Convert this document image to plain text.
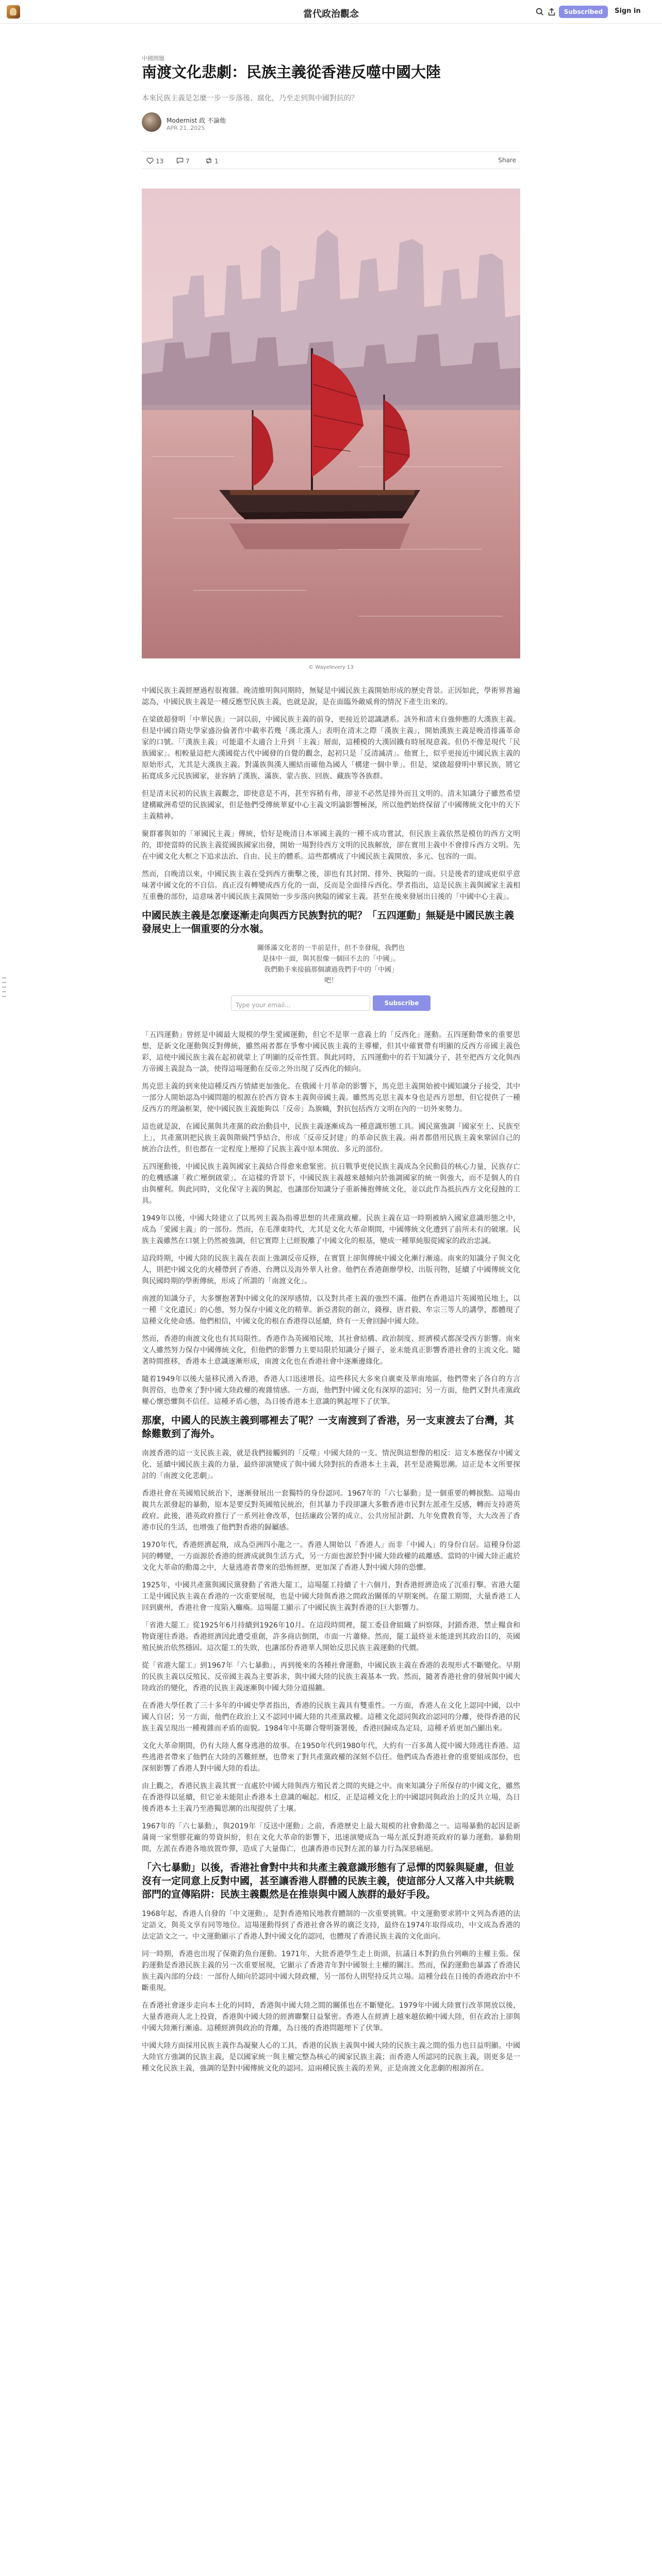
當代政治觀念	Subscribed	Sign in
中國問題
南渡文化悲劇：民族主義從香港反噬中國大陸
本來民族主義是怎麼一步一步落後、腐化，乃至走到與中國對抗的？
Modernist 政 不論他
APR 21, 2025
13	7	1	Share
© Wayelevery 13
中國民族主義經歷過程很複雜。晚清維明與同期時，無疑是中國民族主義開始形成的歷史背景。正因如此，學術界普遍認為，中國民族主義是一種反應型民族主義，也就是說，是在面臨外敵威脅的情況下產生出來的。
在梁啟超發明「中華民族」一詞以前，中國民族主義的前身，更接近於認識譜系。該外和清末自強伸應的大漢族主義。但是中國自隋史學家盛汾倫著作中載率若幾「漢北漢人」表明在清末之際「漢族主義」，開始漢族主義是晚清排滿革命家的口號。「「漢族主義」可能還不太適合上升到「主義」層面，這種模的大漢固鐵有時展現意義。但仍不像是現代「民族國家」。相較量這把大漢國從古代中國發的自覺的觀念，起初只是「反清滅淸」。他實上，似乎更接近中國民族主義的原始形式，尤其是大漢族主義。對滿族與漢人團結而確他為國人「構建一個中華」。但是，梁啟超發明中華民族，將它拓寬成多元民族國家，並容納了漢族、滿族、蒙古族、回族、藏族等各族群。
但是清末民初的民族主義觀念，即使意是不再，甚至容稍有弗，卻並不必然是排外而且文明的。清末知識分子雖然希望建構歐洲希望的民族國家，但是他們受傳統華夏中心主義文明論影響極深，所以他們始終保留了中國傳統文化中的天下主義精神。
聚群審與如的「軍國民主義」傳統，恰好是晚清日本軍國主義的一種不成功嘗試，但民族主義依然是模仿的西方文明的，即使當時的民族主義從國族國家出發，開始一場對待西方文明的民族解放，卻在實用主義中不會排斥西方文明。先在中國文化大框之下追求法治、自由、民主的體系。這些都構成了中國民族主義開放、多元、包容的一面。
然而，自晚清以來，中國民族主義在受到西方衝擊之後，卻也有其封閉、排外、狹隘的一面。只是後者的建成更似乎意味著中國文化的不自信。真正沒有轉變成西方化的一面，反而是全面排斥西化。學者指出，這是民族主義與國家主義相互重疊的部份，這意味著中國民族主義開始一步步落向狹隘的國家主義。甚至在後來發展出日後的「中國中心主義」。
中國民族主義是怎麼逐漸走向與西方民族對抗的呢？「五四運動」無疑是中國民族主義發展史上一個重要的分水嶺。
關係滿文化者的一半前是什，但不幸發現，我們也
是抹中一面，與其很像一個回不去的「中國」。
我們動手來接搞那個讀過我們手中的「中國」
吧！
Type your email...	Subscribe
「五四運動」曾經是中國最大規模的學生愛國運動，但它不是單一意義上的「反西化」運動。五四運動帶來的重要思想，是新文化運動與反對傳統，雖然兩者都在爭奪中國民族主義的主導權，但其中確實帶有明顯的反西方帝國主義色彩，這使中國民族主義在起初就蒙上了明顯的反帝性質。與此同時，五四運動中的若干知識分子，甚至把西方文化與西方帝國主義混為一談，使得這場運動在反帝之外出現了反西化的傾向。
馬克思主義的到來使這種反西方情緒更加強化。在俄國十月革命的影響下，馬克思主義開始被中國知識分子接受，其中一部分人開始認為中國問題的根源在於西方資本主義與帝國主義。雖然馬克思主義本身也是西方思想，但它提供了一種反西方的理論框架，使中國民族主義能夠以「反帝」為旗幟，對抗包括西方文明在內的一切外來勢力。
這也就是說，在國民黨與共產黨的政治動員中，民族主義逐漸成為一種意識形態工具。國民黨強調「國家至上、民族至上」，共產黨則把民族主義與階級鬥爭結合，形成「反帝反封建」的革命民族主義。兩者都借用民族主義來鞏固自己的統治合法性，但也都在一定程度上壓抑了民族主義中原本開放、多元的部份。
五四運動後，中國民族主義與國家主義結合得愈來愈緊密。抗日戰爭更使民族主義成為全民動員的核心力量，民族存亡的危機感讓「救亡壓倒啟蒙」。在這樣的背景下，中國民族主義越來越傾向於強調國家的統一與強大，而不是個人的自由與權利。與此同時，文化保守主義的興起，也讓部份知識分子重新擁抱傳統文化，並以此作為抵抗西方文化侵蝕的工具。
1949年以後，中國大陸建立了以馬列主義為指導思想的共產黨政權。民族主義在這一時期被納入國家意識形態之中，成為「愛國主義」的一部份。然而，在毛澤東時代，尤其是文化大革命期間，中國傳統文化遭到了前所未有的破壞。民族主義雖然在口號上仍然被強調，但它實際上已經脫離了中國文化的根基，變成一種單純服從國家的政治忠誠。
這段時期，中國大陸的民族主義在表面上強調反帝反修，在實質上卻與傳統中國文化漸行漸遠。南來的知識分子與文化人，則把中國文化的火種帶到了香港、台灣以及海外華人社會。他們在香港創辦學校、出版刊物，延續了中國傳統文化與民國時期的學術傳統，形成了所謂的「南渡文化」。
南渡的知識分子，大多懷抱著對中國文化的深厚感情，以及對共產主義的強烈不滿。他們在香港這片英國殖民地上，以一種「文化遺民」的心態，努力保存中國文化的精華。新亞書院的創立，錢穆、唐君毅、牟宗三等人的講學，都體現了這種文化使命感。他們相信，中國文化的根在香港得以延續，終有一天會回歸中國大陸。
然而，香港的南渡文化也有其局限性。香港作為英國殖民地，其社會結構、政治制度、經濟模式都深受西方影響。南來文人雖然努力保存中國傳統文化，但他們的影響力主要局限於知識分子圈子，並未能真正影響香港社會的主流文化。隨著時間推移，香港本土意識逐漸形成，南渡文化也在香港社會中逐漸邊緣化。
隨着1949年以後大量移民湧入香港，香港人口迅速增長。這些移民大多來自廣東及華南地區，他們帶來了各自的方言與習俗，也帶來了對中國大陸政權的複雜情感。一方面，他們對中國文化有深厚的認同；另一方面，他們又對共產黨政權心懷恐懼與不信任。這種矛盾心態，為日後香港本土意識的興起埋下了伏筆。
那麼，中國人的民族主義到哪裡去了呢？一支南渡到了香港，另一支東渡去了台灣，其餘難數到了海外。
南渡香港的這一支民族主義，就是我們接觸到的「反噬」中國大陸的一支。情況與這想像的相反：這支本應保存中國文化、延續中國民族主義的力量，最終卻演變成了與中國大陸對抗的香港本土主義，甚至是港獨思潮。這正是本文所要探討的「南渡文化悲劇」。
香港社會在英國殖民統治下，逐漸發展出一套獨特的身份認同。1967年的「六七暴動」是一個重要的轉捩點。這場由親共左派發起的暴動，原本是要反對英國殖民統治，但其暴力手段卻讓大多數香港市民對左派產生反感，轉而支持港英政府。此後，港英政府推行了一系列社會改革，包括廉政公署的成立、公共房屋計劃、九年免費教育等，大大改善了香港市民的生活，也增強了他們對香港的歸屬感。
1970年代，香港經濟起飛，成為亞洲四小龍之一。香港人開始以「香港人」而非「中國人」的身份自居。這種身份認同的轉變，一方面源於香港的經濟成就與生活方式，另一方面也源於對中國大陸政權的疏離感。當時的中國大陸正處於文化大革命的動蕩之中，大量逃港者帶來的恐怖經歷，更加深了香港人對中國大陸的恐懼。
1925年，中國共產黨與國民黨發動了省港大罷工，這場罷工持續了十六個月，對香港經濟造成了沉重打擊。省港大罷工是中國民族主義在香港的一次重要展現，也是中國大陸與香港之間政治關係的早期案例。在罷工期間，大量香港工人回到廣州，香港社會一度陷入癱瘓。這場罷工顯示了中國民族主義對香港的巨大影響力。
「省港大罷工」從1925年6月持續到1926年10月。在這段時間裡，罷工委員會組織了糾察隊，封鎖香港，禁止糧食和物資運往香港。香港經濟因此遭受重創，許多商店倒閉，市面一片蕭條。然而，罷工最終並未能達到其政治目的，英國殖民統治依然穩固。這次罷工的失敗，也讓部份香港華人開始反思民族主義運動的代價。
從「省港大罷工」到1967年「六七暴動」，再到後來的各種社會運動，中國民族主義在香港的表現形式不斷變化。早期的民族主義以反殖民、反帝國主義為主要訴求，與中國大陸的民族主義基本一致。然而，隨著香港社會的發展與中國大陸政治的變化，香港的民族主義逐漸與中國大陸分道揚鑣。
在香港大學任教了三十多年的中國史學者指出，香港的民族主義具有雙重性。一方面，香港人在文化上認同中國，以中國人自居；另一方面，他們在政治上又不認同中國大陸的共產黨政權。這種文化認同與政治認同的分離，使得香港的民族主義呈現出一種複雜而矛盾的面貌。1984年中英聯合聲明簽署後，香港回歸成為定局，這種矛盾更加凸顯出來。
文化大革命期間，仍有大陸人奮身逃港的故事。在1950年代到1980年代，大約有一百多萬人從中國大陸逃往香港。這些逃港者帶來了他們在大陸的苦難經歷，也帶來了對共產黨政權的深刻不信任。他們成為香港社會的重要組成部份，也深刻影響了香港人對中國大陸的看法。
由上觀之，香港民族主義其實一直處於中國大陸與西方殖民者之間的夾縫之中。南來知識分子所保存的中國文化，雖然在香港得以延續，但它並未能阻止香港本土意識的崛起。相反，正是這種文化上的中國認同與政治上的反共立場，為日後香港本土主義乃至港獨思潮的出現提供了土壤。
1967年的「六七暴動」，與2019年「反送中運動」之前，香港歷史上最大規模的社會動蕩之一。這場暴動的起因是新蒲崗一家塑膠花廠的勞資糾紛，但在文化大革命的影響下，迅速演變成為一場左派反對港英政府的暴力運動。暴動期間，左派在香港各地放置炸彈，造成了大量傷亡，也讓香港市民對左派的暴力行為深惡痛絕。
「六七暴動」以後，香港社會對中共和共產主義意識形態有了忌憚的閃躲與疑慮，但並沒有一定同意上反對中國，甚至讓香港人群體的民族主義，使這部分人又落入中共統戰部門的宣傳陷阱：民族主義觀然是在推崇與中國人族群的最好手段。
1968年起，香港人自發的「中文運動」，是對香港殖民地教育體制的一次重要挑戰。中文運動要求將中文列為香港的法定語文，與英文享有同等地位。這場運動得到了香港社會各界的廣泛支持，最終在1974年取得成功，中文成為香港的法定語文之一。中文運動顯示了香港人對中國文化的認同，也體現了香港民族主義的文化面向。
同一時期，香港也出現了保衛釣魚台運動。1971年，大批香港學生走上街頭，抗議日本對釣魚台列嶼的主權主張。保釣運動是香港民族主義的另一次重要展現，它顯示了香港青年對中國領土主權的關注。然而，保釣運動也暴露了香港民族主義內部的分歧：一部份人傾向於認同中國大陸政權，另一部份人則堅持反共立場。這種分歧在日後的香港政治中不斷重現。
在香港社會逐步走向本土化的同時，香港與中國大陸之間的關係也在不斷變化。1979年中國大陸實行改革開放以後，大量香港商人北上投資，香港與中國大陸的經濟聯繫日益緊密。香港人在經濟上越來越依賴中國大陸，但在政治上卻與中國大陸漸行漸遠。這種經濟與政治的背離，為日後的香港問題埋下了伏筆。
中國大陸方面採用民族主義作為凝聚人心的工具，香港的民族主義與中國大陸的民族主義之間的張力也日益明顯。中國大陸官方強調的民族主義，是以國家統一與主權完整為核心的國家民族主義；而香港人所認同的民族主義，則更多是一種文化民族主義，強調的是對中國傳統文化的認同。這兩種民族主義的差異，正是南渡文化悲劇的根源所在。
